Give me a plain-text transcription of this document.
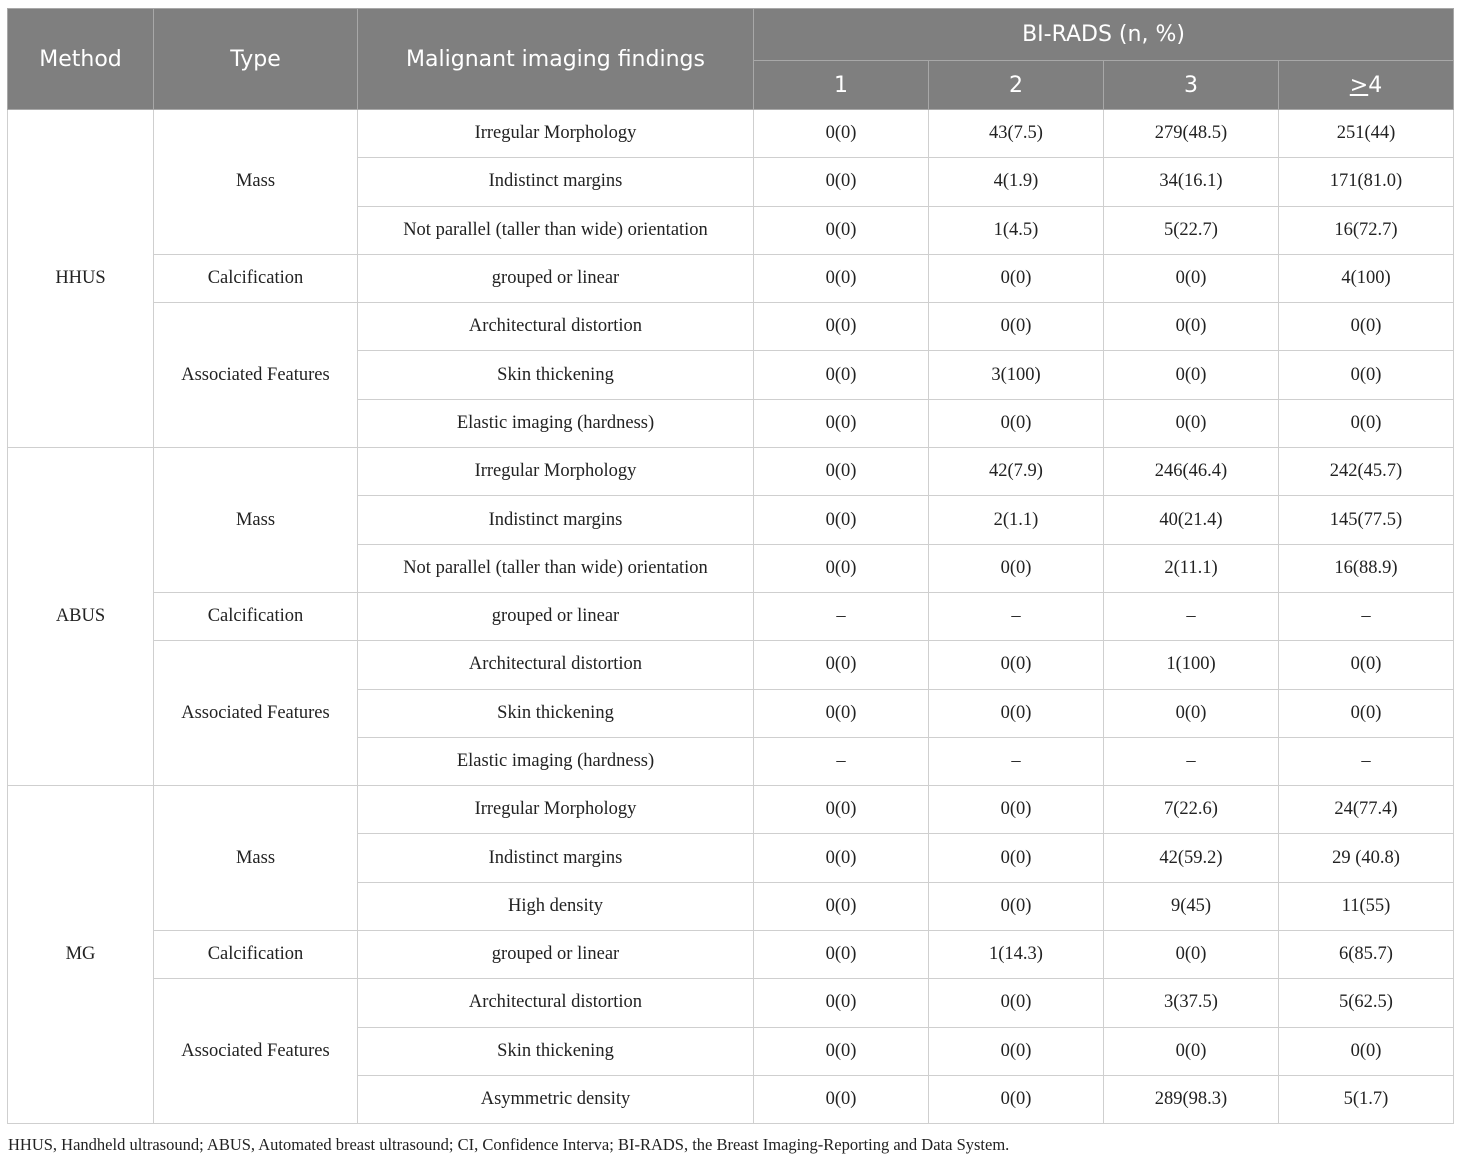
Method	Type	Malignant imaging findings	BI-RADS (n, %)			
			1	2	3	>4
HHUS	Mass	Irregular Morphology	0(0)	43(7.5)	279(48.5)	251(44)
		Indistinct margins	0(0)	4(1.9)	34(16.1)	171(81.0)
		Not parallel (taller than wide) orientation	0(0)	1(4.5)	5(22.7)	16(72.7)
	Calcification	grouped or linear	0(0)	0(0)	0(0)	4(100)
	Associated Features	Architectural distortion	0(0)	0(0)	0(0)	0(0)
		Skin thickening	0(0)	3(100)	0(0)	0(0)
		Elastic imaging (hardness)	0(0)	0(0)	0(0)	0(0)
ABUS	Mass	Irregular Morphology	0(0)	42(7.9)	246(46.4)	242(45.7)
		Indistinct margins	0(0)	2(1.1)	40(21.4)	145(77.5)
		Not parallel (taller than wide) orientation	0(0)	0(0)	2(11.1)	16(88.9)
	Calcification	grouped or linear	–	–	–	–
	Associated Features	Architectural distortion	0(0)	0(0)	1(100)	0(0)
		Skin thickening	0(0)	0(0)	0(0)	0(0)
		Elastic imaging (hardness)	–	–	–	–
MG	Mass	Irregular Morphology	0(0)	0(0)	7(22.6)	24(77.4)
		Indistinct margins	0(0)	0(0)	42(59.2)	29 (40.8)
		High density	0(0)	0(0)	9(45)	11(55)
	Calcification	grouped or linear	0(0)	1(14.3)	0(0)	6(85.7)
	Associated Features	Architectural distortion	0(0)	0(0)	3(37.5)	5(62.5)
		Skin thickening	0(0)	0(0)	0(0)	0(0)
		Asymmetric density	0(0)	0(0)	289(98.3)	5(1.7)
HHUS, Handheld ultrasound; ABUS, Automated breast ultrasound; CI, Confidence Interva; BI-RADS, the Breast Imaging-Reporting and Data System.
